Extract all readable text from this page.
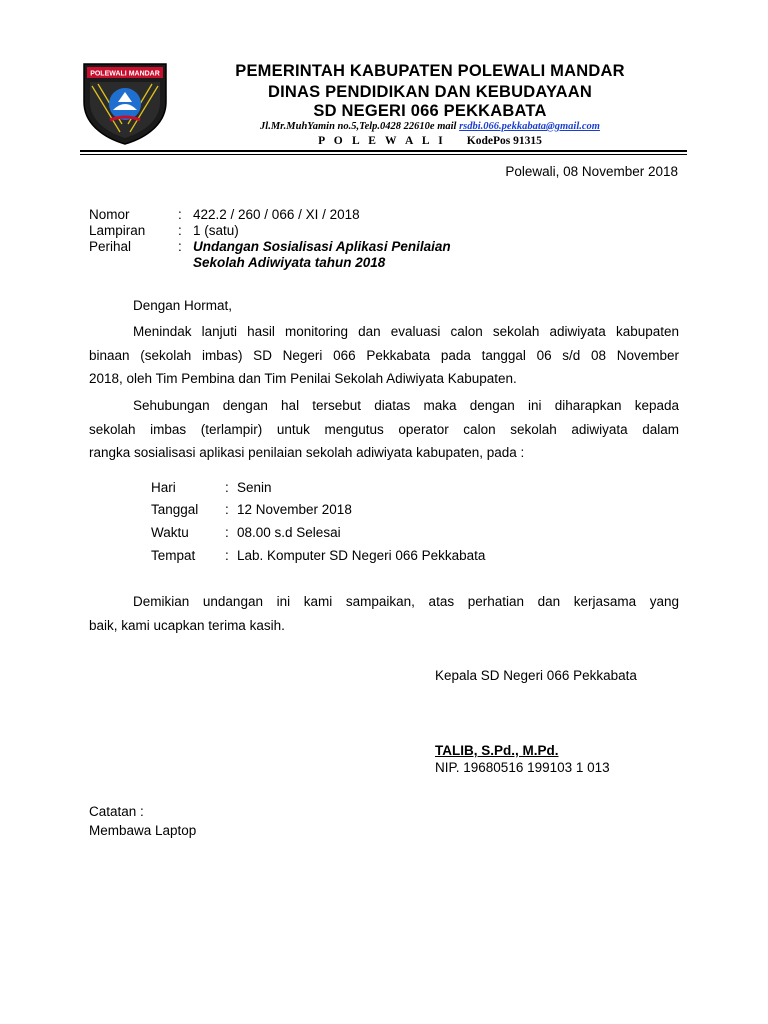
POLEWALI MANDAR	PEMERINTAH KABUPATEN POLEWALI MANDAR
DINAS PENDIDIKAN DAN KEBUDAYAAN
SD NEGERI 066 PEKKABATA
Jl.Mr.MuhYamin no.5,Telp.0428 22610e mail rsdbi.066.pekkabata@gmail.com
P O L E W A L I KodePos 91315
Polewali, 08 November 2018
Nomor	: 422.2 / 260 / 066 / XI / 2018
Lampiran : 1 (satu)
Perihal	: Undangan Sosialisasi Aplikasi Penilaian
Sekolah Adiwiyata tahun 2018
Dengan Hormat,
Menindak lanjuti hasil monitoring dan evaluasi calon sekolah adiwiyata kabupaten
binaan (sekolah imbas) SD Negeri 066 Pekkabata pada tanggal 06 s/d 08 November
2018, oleh Tim Pembina dan Tim Penilai Sekolah Adiwiyata Kabupaten.
Sehubungan dengan hal tersebut diatas maka dengan ini diharapkan kepada
sekolah imbas (terlampir) untuk mengutus operator calon sekolah adiwiyata dalam
rangka sosialisasi aplikasi penilaian sekolah adiwiyata kabupaten, pada :
Hari	: Senin
Tanggal : 12 November 2018
Waktu	: 08.00 s.d Selesai
Tempat : Lab. Komputer SD Negeri 066 Pekkabata
Demikian undangan ini kami sampaikan, atas perhatian dan kerjasama yang
baik, kami ucapkan terima kasih.
Kepala SD Negeri 066 Pekkabata
TALIB, S.Pd., M.Pd.
NIP. 19680516 199103 1 013
Catatan :
Membawa Laptop
